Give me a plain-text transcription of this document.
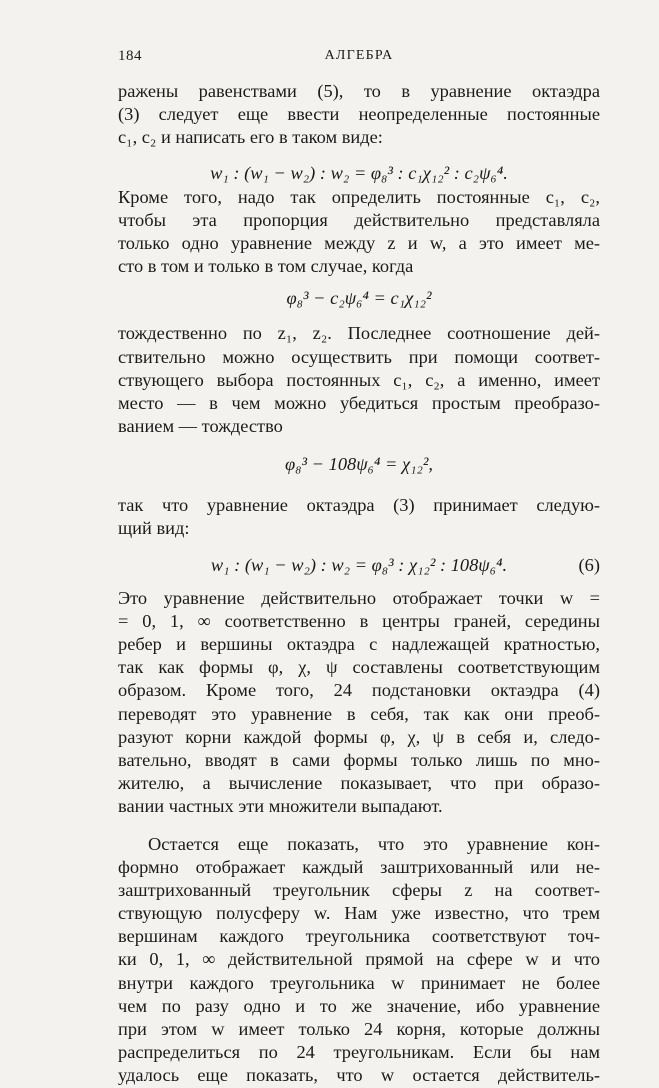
184	АЛГЕБРА
ражены равенствами (5), то в уравнение октаэдра
(3) следует еще ввести неопределенные постоянные
c₁, c₂ и написать его в таком виде:
w₁ : (w₁ − w₂) : w₂ = φ₈³ : c₁χ₁₂² : c₂ψ₆⁴.
Кроме того, надо так определить постоянные c₁, c₂,
чтобы эта пропорция действительно представляла
только одно уравнение между z и w, а это имеет ме-
сто в том и только в том случае, когда
φ₈³ − c₂ψ₆⁴ = c₁χ₁₂²
тождественно по z₁, z₂. Последнее соотношение дей-
ствительно можно осуществить при помощи соответ-
ствующего выбора постоянных c₁, c₂, а именно, имеет
место — в чем можно убедиться простым преобразо-
ванием — тождество
φ₈³ − 108ψ₆⁴ = χ₁₂²,
так что уравнение октаэдра (3) принимает следую-
щий вид:
w₁ : (w₁ − w₂) : w₂ = φ₈³ : χ₁₂² : 108ψ₆⁴.	(6)
Это уравнение действительно отображает точки w =
= 0, 1, ∞ соответственно в центры граней, середины
ребер и вершины октаэдра с надлежащей кратностью,
так как формы φ, χ, ψ составлены соответствующим
образом. Кроме того, 24 подстановки октаэдра (4)
переводят это уравнение в себя, так как они преоб-
разуют корни каждой формы φ, χ, ψ в себя и, следо-
вательно, вводят в сами формы только лишь по мно-
жителю, а вычисление показывает, что при образо-
вании частных эти множители выпадают.
Остается еще показать, что это уравнение кон-
формно отображает каждый заштрихованный или не-
заштрихованный треугольник сферы z на соответ-
ствующую полусферу w. Нам уже известно, что трем
вершинам каждого треугольника соответствуют точ-
ки 0, 1, ∞ действительной прямой на сфере w и что
внутри каждого треугольника w принимает не более
чем по разу одно и то же значение, ибо уравнение
при этом w имеет только 24 корня, которые должны
распределиться по 24 треугольникам. Если бы нам
удалось еще показать, что w остается действитель-
